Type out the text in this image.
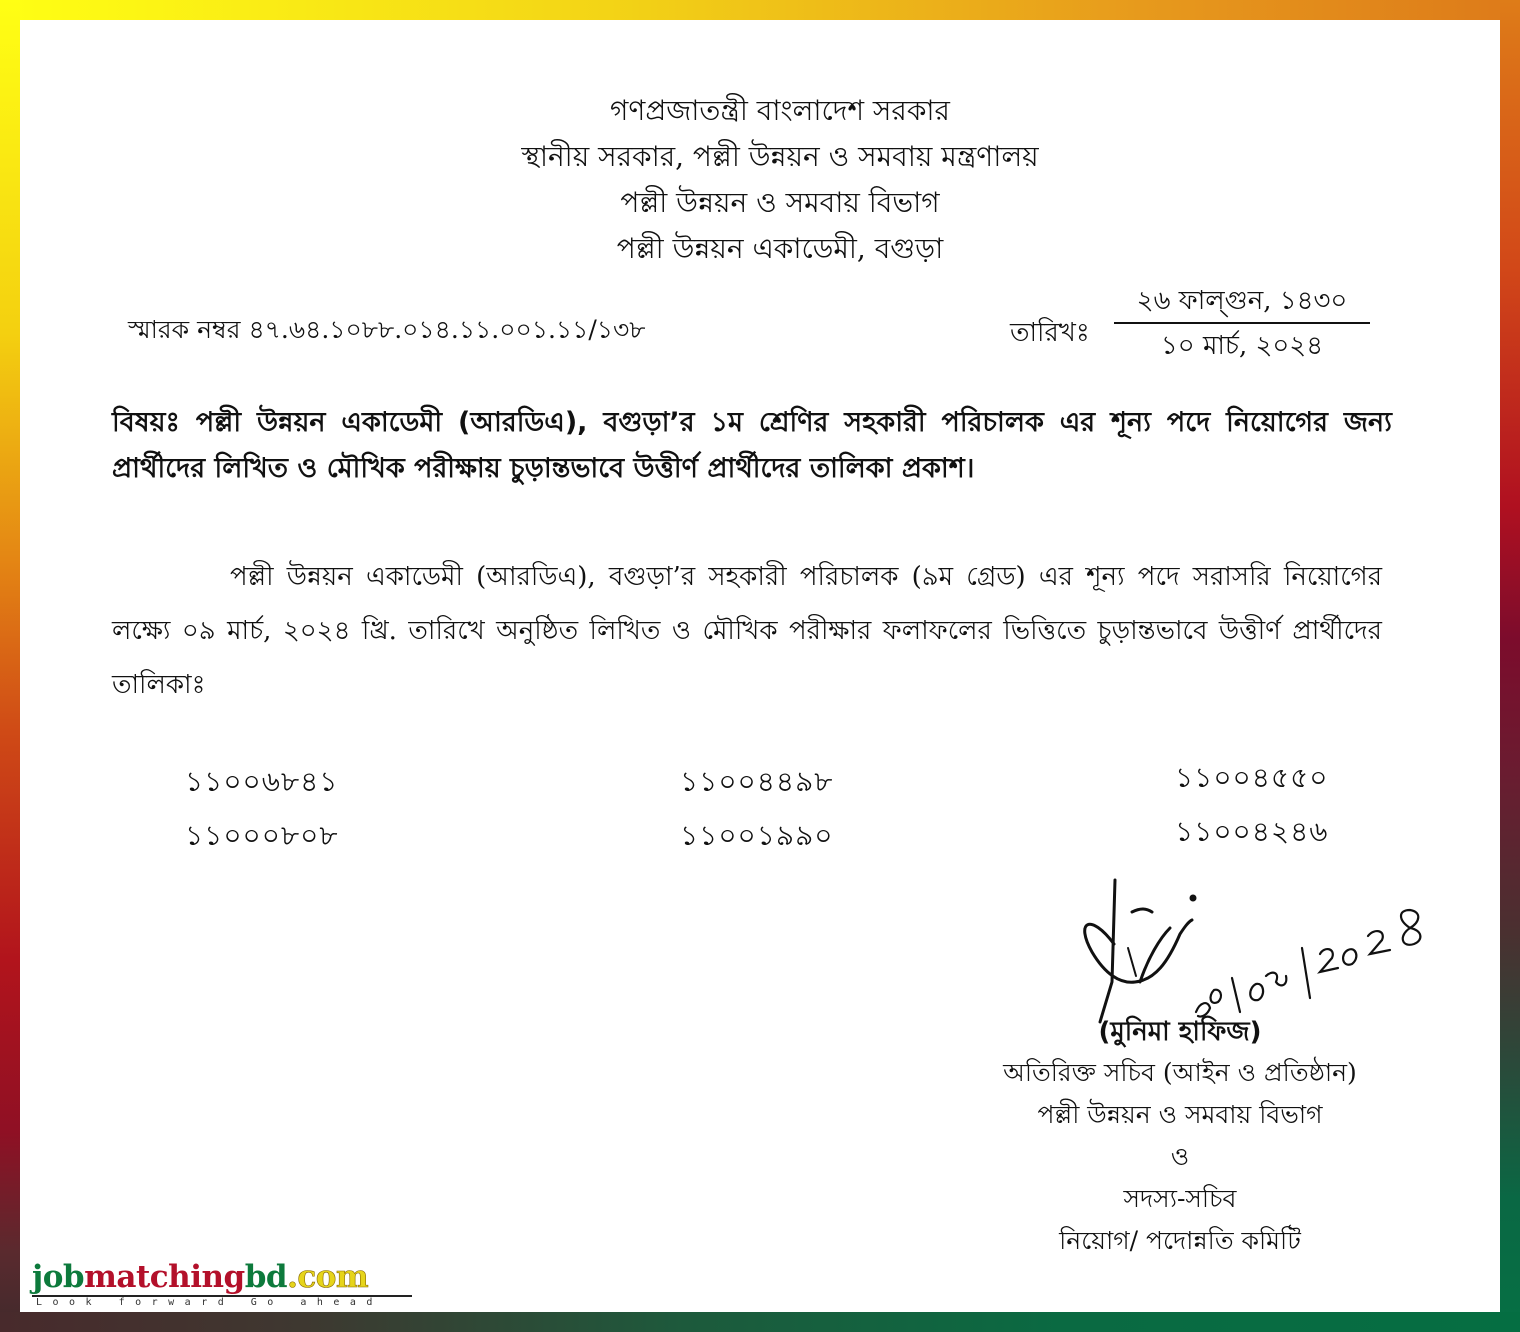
গণপ্রজাতন্ত্রী বাংলাদেশ সরকার
স্থানীয় সরকার, পল্লী উন্নয়ন ও সমবায় মন্ত্রণালয়
পল্লী উন্নয়ন ও সমবায় বিভাগ
পল্লী উন্নয়ন একাডেমী, বগুড়া
স্মারক নম্বর ৪৭.৬৪.১০৮৮.০১৪.১১.০০১.১১/১৩৮	তারিখঃ
২৬ ফাল্গুন, ১৪৩০
১০ মার্চ, ২০২৪
বিষয়ঃ পল্লী উন্নয়ন একাডেমী (আরডিএ), বগুড়া’র ১ম শ্রেণির সহকারী পরিচালক এর শূন্য পদে নিয়োগের জন্য প্রার্থীদের লিখিত ও মৌখিক পরীক্ষায় চুড়ান্তভাবে উত্তীর্ণ প্রার্থীদের তালিকা প্রকাশ।
পল্লী উন্নয়ন একাডেমী (আরডিএ), বগুড়া’র সহকারী পরিচালক (৯ম গ্রেড) এর শূন্য পদে সরাসরি নিয়োগের লক্ষ্যে ০৯ মার্চ, ২০২৪ খ্রি. তারিখে অনুষ্ঠিত লিখিত ও মৌখিক পরীক্ষার ফলাফলের ভিত্তিতে চুড়ান্তভাবে উত্তীর্ণ প্রার্থীদের তালিকাঃ
১১০০৬৮৪১	১১০০৪৪৯৮	১১০০৪৫৫০
১১০০০৮০৮	১১০০১৯৯০	১১০০৪২৪৬
(মুনিমা হাফিজ)
অতিরিক্ত সচিব (আইন ও প্রতিষ্ঠান)
পল্লী উন্নয়ন ও সমবায় বিভাগ
ও
সদস্য-সচিব
নিয়োগ/ পদোন্নতি কমিটি
jobmatchingbd.com
Look forward Go ahead
